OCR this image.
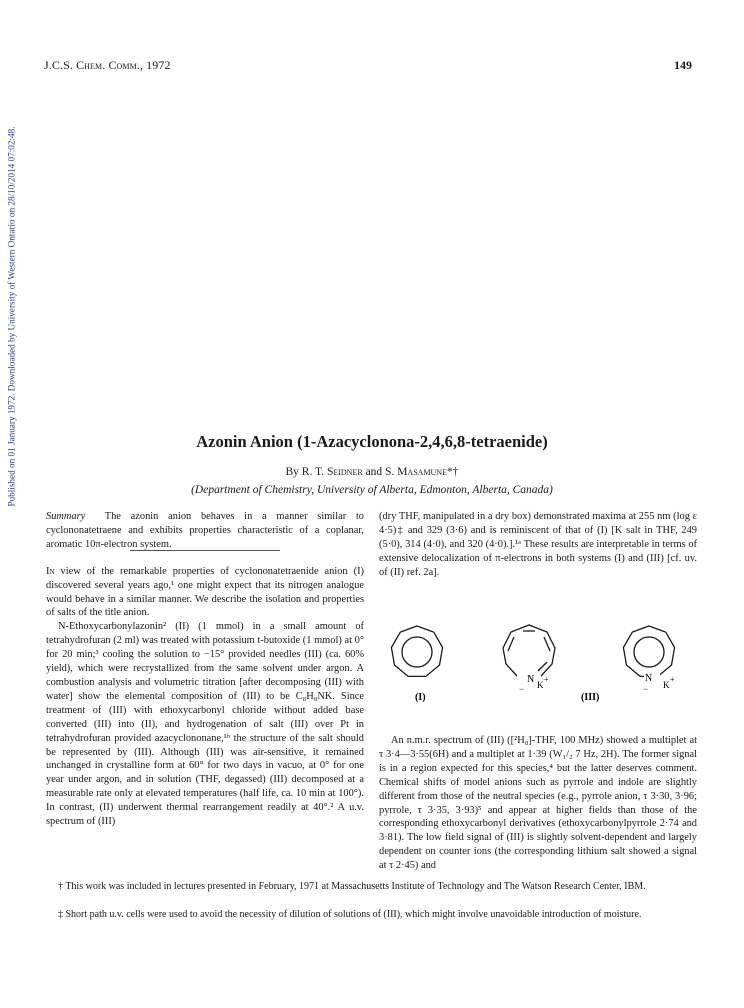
J.C.S. Chem. Comm., 1972	149
Published on 01 January 1972. Downloaded by University of Western Ontario on 28/10/2014 07:02:48.	Azonin Anion (1-Azacyclonona-2,4,6,8-tetraenide)
By R. T. Seidner and S. Masamune*†
(Department of Chemistry, University of Alberta, Edmonton, Alberta, Canada)

Summary The azonin anion behaves in a manner similar to cyclononatetraene and exhibits properties characteristic of a coplanar, aromatic 10π-electron system.

In view of the remarkable properties of cyclononatetraenide anion (I) discovered several years ago,¹ one might expect that its nitrogen analogue would behave in a similar manner. We describe the isolation and properties of salts of the title anion.

N-Ethoxycarbonylazonin² (II) (1 mmol) in a small amount of tetrahydrofuran (2 ml) was treated with potassium t-butoxide (1 mmol) at 0° for 20 min;³ cooling the solution to −15° provided needles (III) (ca. 60% yield), which were recrystallized from the same solvent under argon. A combustion analysis and volumetric titration [after decomposing (III) with water] show the elemental composition of (III) to be C₈H₈NK. Since treatment of (III) with ethoxycarbonyl chloride without added base converted (III) into (II), and hydrogenation of salt (III) over Pt in tetrahydrofuran provided azacyclononane,¹ᵇ the structure of the salt should be represented by (III). Although (III) was air-sensitive, it remained unchanged in crystalline form at 60° for two days in vacuo, at 0° for one year under argon, and in solution (THF, degassed) (III) decomposed at a measurable rate only at elevated temperatures (half life, ca. 10 min at 100°). In contrast, (II) underwent thermal rearrangement readily at 40°.² A u.v. spectrum of (III)

(dry THF, manipulated in a dry box) demonstrated maxima at 255 nm (log ε 4·5)‡ and 329 (3·6) and is reminiscent of that of (I) [K salt in THF, 249 (5·0), 314 (4·0), and 320 (4·0).].¹ᵃ These results are interpretable in terms of extensive delocalization of π-electrons in both systems (I) and (III) [cf. uv. of (II) ref. 2a].

N K
+
−
N
K
+
−
(I)	(III)

An n.m.r. spectrum of (III) ([²H₈]-THF, 100 MHz) showed a multiplet at τ 3·4—3·55(6H) and a multiplet at 1·39 (W₁/₂ 7 Hz, 2H). The former signal is in a region expected for this species,⁴ but the latter deserves comment. Chemical shifts of model anions such as pyrrole and indole are slightly different from those of the neutral species (e.g., pyrrole anion, τ 3·30, 3·96; pyrrole, τ 3·35, 3·93)⁵ and appear at higher fields than those of the corresponding ethoxycarbonyl derivatives (ethoxycarbonylpyrrole 2·74 and 3·81). The low field signal of (III) is slightly solvent-dependent and largely dependent on counter ions (the corresponding lithium salt showed a signal at τ 2·45) and

† This work was included in lectures presented in February, 1971 at Massachusetts Institute of Technology and The Watson Research Center, IBM.
‡ Short path u.v. cells were used to avoid the necessity of dilution of solutions of (III), which might involve unavoidable introduction of moisture.
